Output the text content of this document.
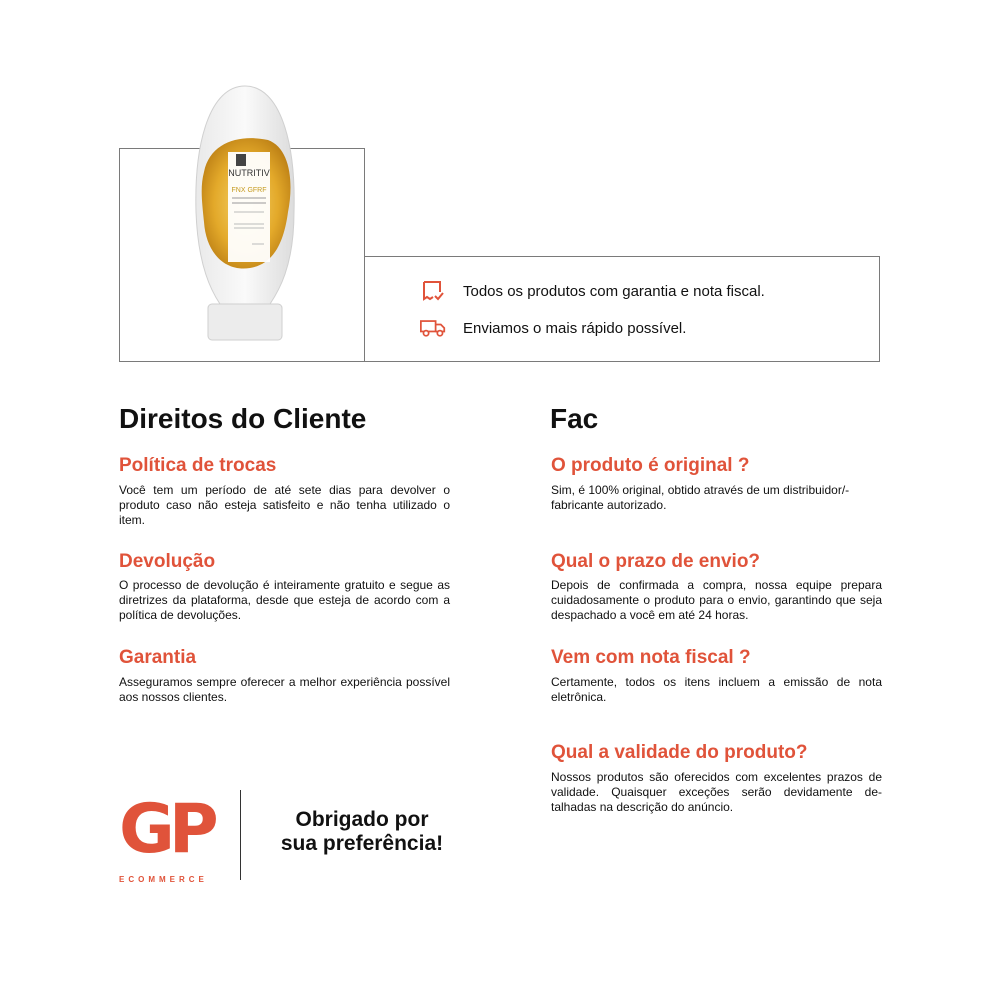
NUTRITIV
FNX GFRF
Todos os produtos com garantia e nota fiscal.
Enviamos o mais rápido possível.
Direitos do Cliente
Política de trocas
Você tem um período de até sete dias para devolver o produto caso não esteja satisfeito e não tenha utilizado o item.
Devolução
O processo de devolução é inteiramente gratuito e segue as diretrizes da plataforma, desde que esteja de acordo com a política de devoluções.
Garantia
Asseguramos sempre oferecer a melhor experiência possível aos nossos clientes.
Fac
O produto é original ?
Sim, é 100% original, obtido através de um distribuidor/-fabricante autorizado.
Qual o prazo de envio?
Depois de confirmada a compra, nossa equipe prepara cuidadosamente o produto para o envio, garantindo que seja despachado a você em até 24 horas.
Vem com nota fiscal ?
Certamente, todos os itens incluem a emissão de nota eletrônica.
Qual a validade do produto?
Nossos produtos são oferecidos com excelentes prazos de validade. Quaisquer exceções serão devidamente de-talhadas na descrição do anúncio.
GP
ECOMMERCE
Obrigado por
sua preferência!
